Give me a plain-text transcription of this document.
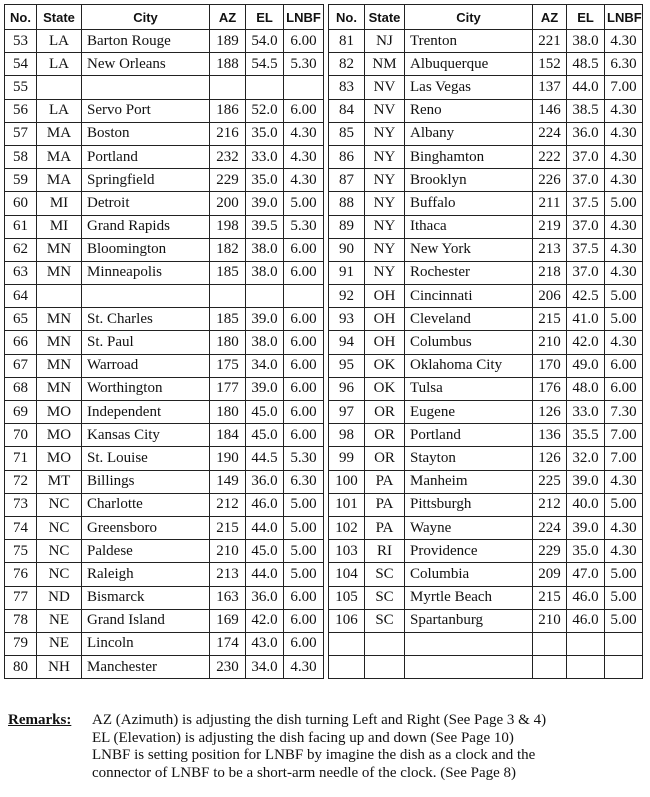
No.	State	City	AZ	EL	LNBF
53	LA	Barton Rouge	189	54.0	6.00
54	LA	New Orleans	188	54.5	5.30
55					
56	LA	Servo Port	186	52.0	6.00
57	MA	Boston	216	35.0	4.30
58	MA	Portland	232	33.0	4.30
59	MA	Springfield	229	35.0	4.30
60	MI	Detroit	200	39.0	5.00
61	MI	Grand Rapids	198	39.5	5.30
62	MN	Bloomington	182	38.0	6.00
63	MN	Minneapolis	185	38.0	6.00
64					
65	MN	St. Charles	185	39.0	6.00
66	MN	St. Paul	180	38.0	6.00
67	MN	Warroad	175	34.0	6.00
68	MN	Worthington	177	39.0	6.00
69	MO	Independent	180	45.0	6.00
70	MO	Kansas City	184	45.0	6.00
71	MO	St. Louise	190	44.5	5.30
72	MT	Billings	149	36.0	6.30
73	NC	Charlotte	212	46.0	5.00
74	NC	Greensboro	215	44.0	5.00
75	NC	Paldese	210	45.0	5.00
76	NC	Raleigh	213	44.0	5.00
77	ND	Bismarck	163	36.0	6.00
78	NE	Grand Island	169	42.0	6.00
79	NE	Lincoln	174	43.0	6.00
80	NH	Manchester	230	34.0	4.30
No.	State	City	AZ	EL	LNBF
81	NJ	Trenton	221	38.0	4.30
82	NM	Albuquerque	152	48.5	6.30
83	NV	Las Vegas	137	44.0	7.00
84	NV	Reno	146	38.5	4.30
85	NY	Albany	224	36.0	4.30
86	NY	Binghamton	222	37.0	4.30
87	NY	Brooklyn	226	37.0	4.30
88	NY	Buffalo	211	37.5	5.00
89	NY	Ithaca	219	37.0	4.30
90	NY	New York	213	37.5	4.30
91	NY	Rochester	218	37.0	4.30
92	OH	Cincinnati	206	42.5	5.00
93	OH	Cleveland	215	41.0	5.00
94	OH	Columbus	210	42.0	4.30
95	OK	Oklahoma City	170	49.0	6.00
96	OK	Tulsa	176	48.0	6.00
97	OR	Eugene	126	33.0	7.30
98	OR	Portland	136	35.5	7.00
99	OR	Stayton	126	32.0	7.00
100	PA	Manheim	225	39.0	4.30
101	PA	Pittsburgh	212	40.0	5.00
102	PA	Wayne	224	39.0	4.30
103	RI	Providence	229	35.0	4.30
104	SC	Columbia	209	47.0	5.00
105	SC	Myrtle Beach	215	46.0	5.00
106	SC	Spartanburg	210	46.0	5.00

Remarks: AZ (Azimuth) is adjusting the dish turning Left and Right (See Page 3 & 4)
EL (Elevation) is adjusting the dish facing up and down (See Page 10)
LNBF is setting position for LNBF by imagine the dish as a clock and the
connector of LNBF to be a short-arm needle of the clock. (See Page 8)
